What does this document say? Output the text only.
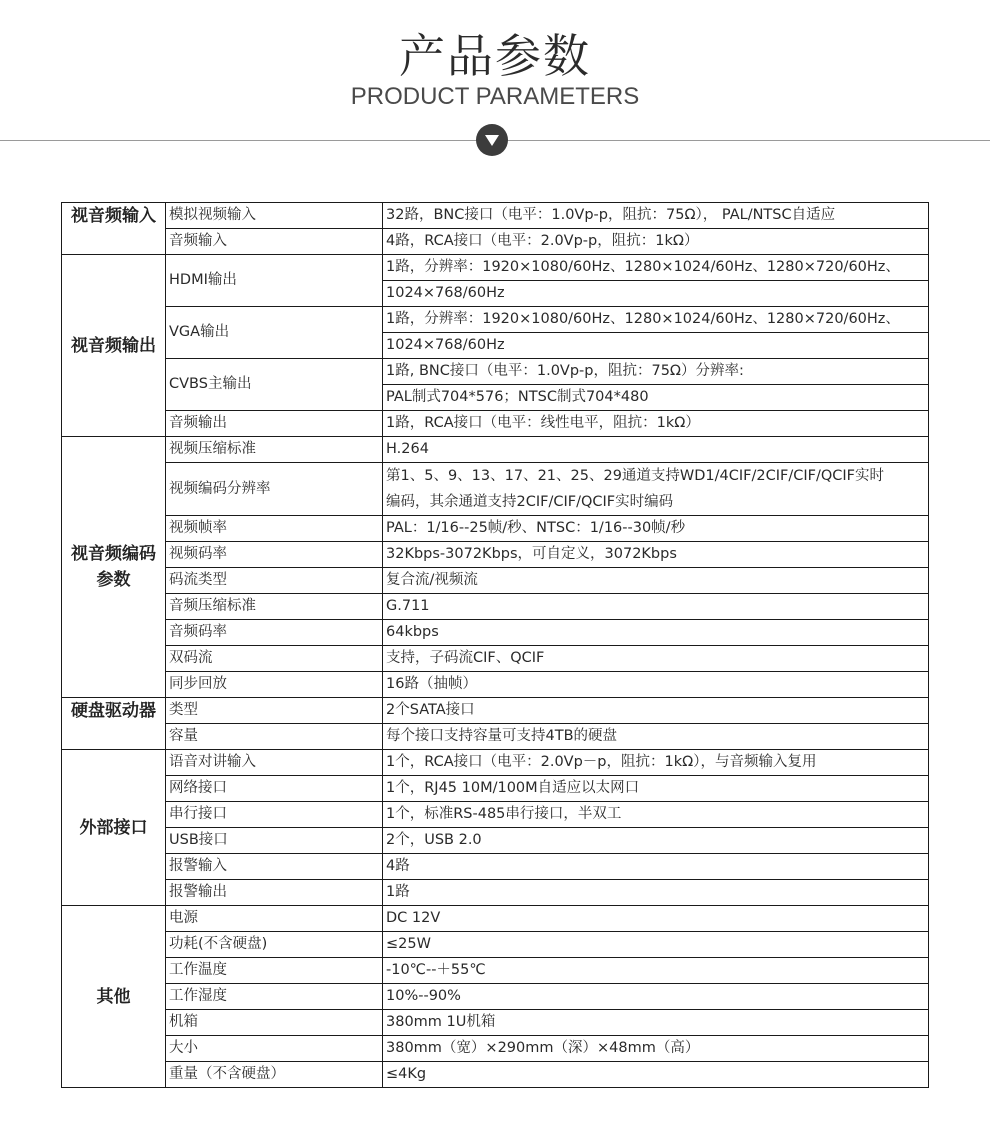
产品参数
PRODUCT PARAMETERS
视音频输入	模拟视频输入	32路，BNC接口（电平：1.0Vp-p，阻抗：75Ω）， PAL/NTSC自适应
	音频输入	4路，RCA接口（电平：2.0Vp-p，阻抗：1kΩ）
视音频输出	HDMI输出	1路，分辨率：1920×1080/60Hz、1280×1024/60Hz、1280×720/60Hz、
		1024×768/60Hz
	VGA输出	1路，分辨率：1920×1080/60Hz、1280×1024/60Hz、1280×720/60Hz、
		1024×768/60Hz
	CVBS主输出	1路, BNC接口（电平：1.0Vp-p，阻抗：75Ω）分辨率:
		PAL制式704*576；NTSC制式704*480
	音频输出	1路，RCA接口（电平：线性电平，阻抗：1kΩ）
视音频编码参数	视频压缩标准	H.264
	视频编码分辨率	第1、5、9、13、17、21、25、29通道支持WD1/4CIF/2CIF/CIF/QCIF实时
编码，其余通道支持2CIF/CIF/QCIF实时编码

	视频帧率	PAL：1/16--25帧/秒、NTSC：1/16--30帧/秒
	视频码率	32Kbps-3072Kbps，可自定义，3072Kbps
	码流类型	复合流/视频流
	音频压缩标准	G.711
	音频码率	64kbps
	双码流	支持，子码流CIF、QCIF
	同步回放	16路（抽帧）
硬盘驱动器	类型	2个SATA接口
	容量	每个接口支持容量可支持4TB的硬盘
外部接口	语音对讲输入	1个，RCA接口（电平：2.0Vp－p，阻抗：1kΩ），与音频输入复用
	网络接口	1个，RJ45 10M/100M自适应以太网口
	串行接口	1个，标准RS-485串行接口，半双工
	USB接口	2个，USB 2.0
	报警输入	4路
	报警输出	1路
其他	电源	DC 12V
	功耗(不含硬盘)	≤25W
	工作温度	-10℃--＋55℃
	工作湿度	10%--90%
	机箱	380mm 1U机箱
	大小	380mm（宽）×290mm（深）×48mm（高）
	重量（不含硬盘）	≤4Kg
